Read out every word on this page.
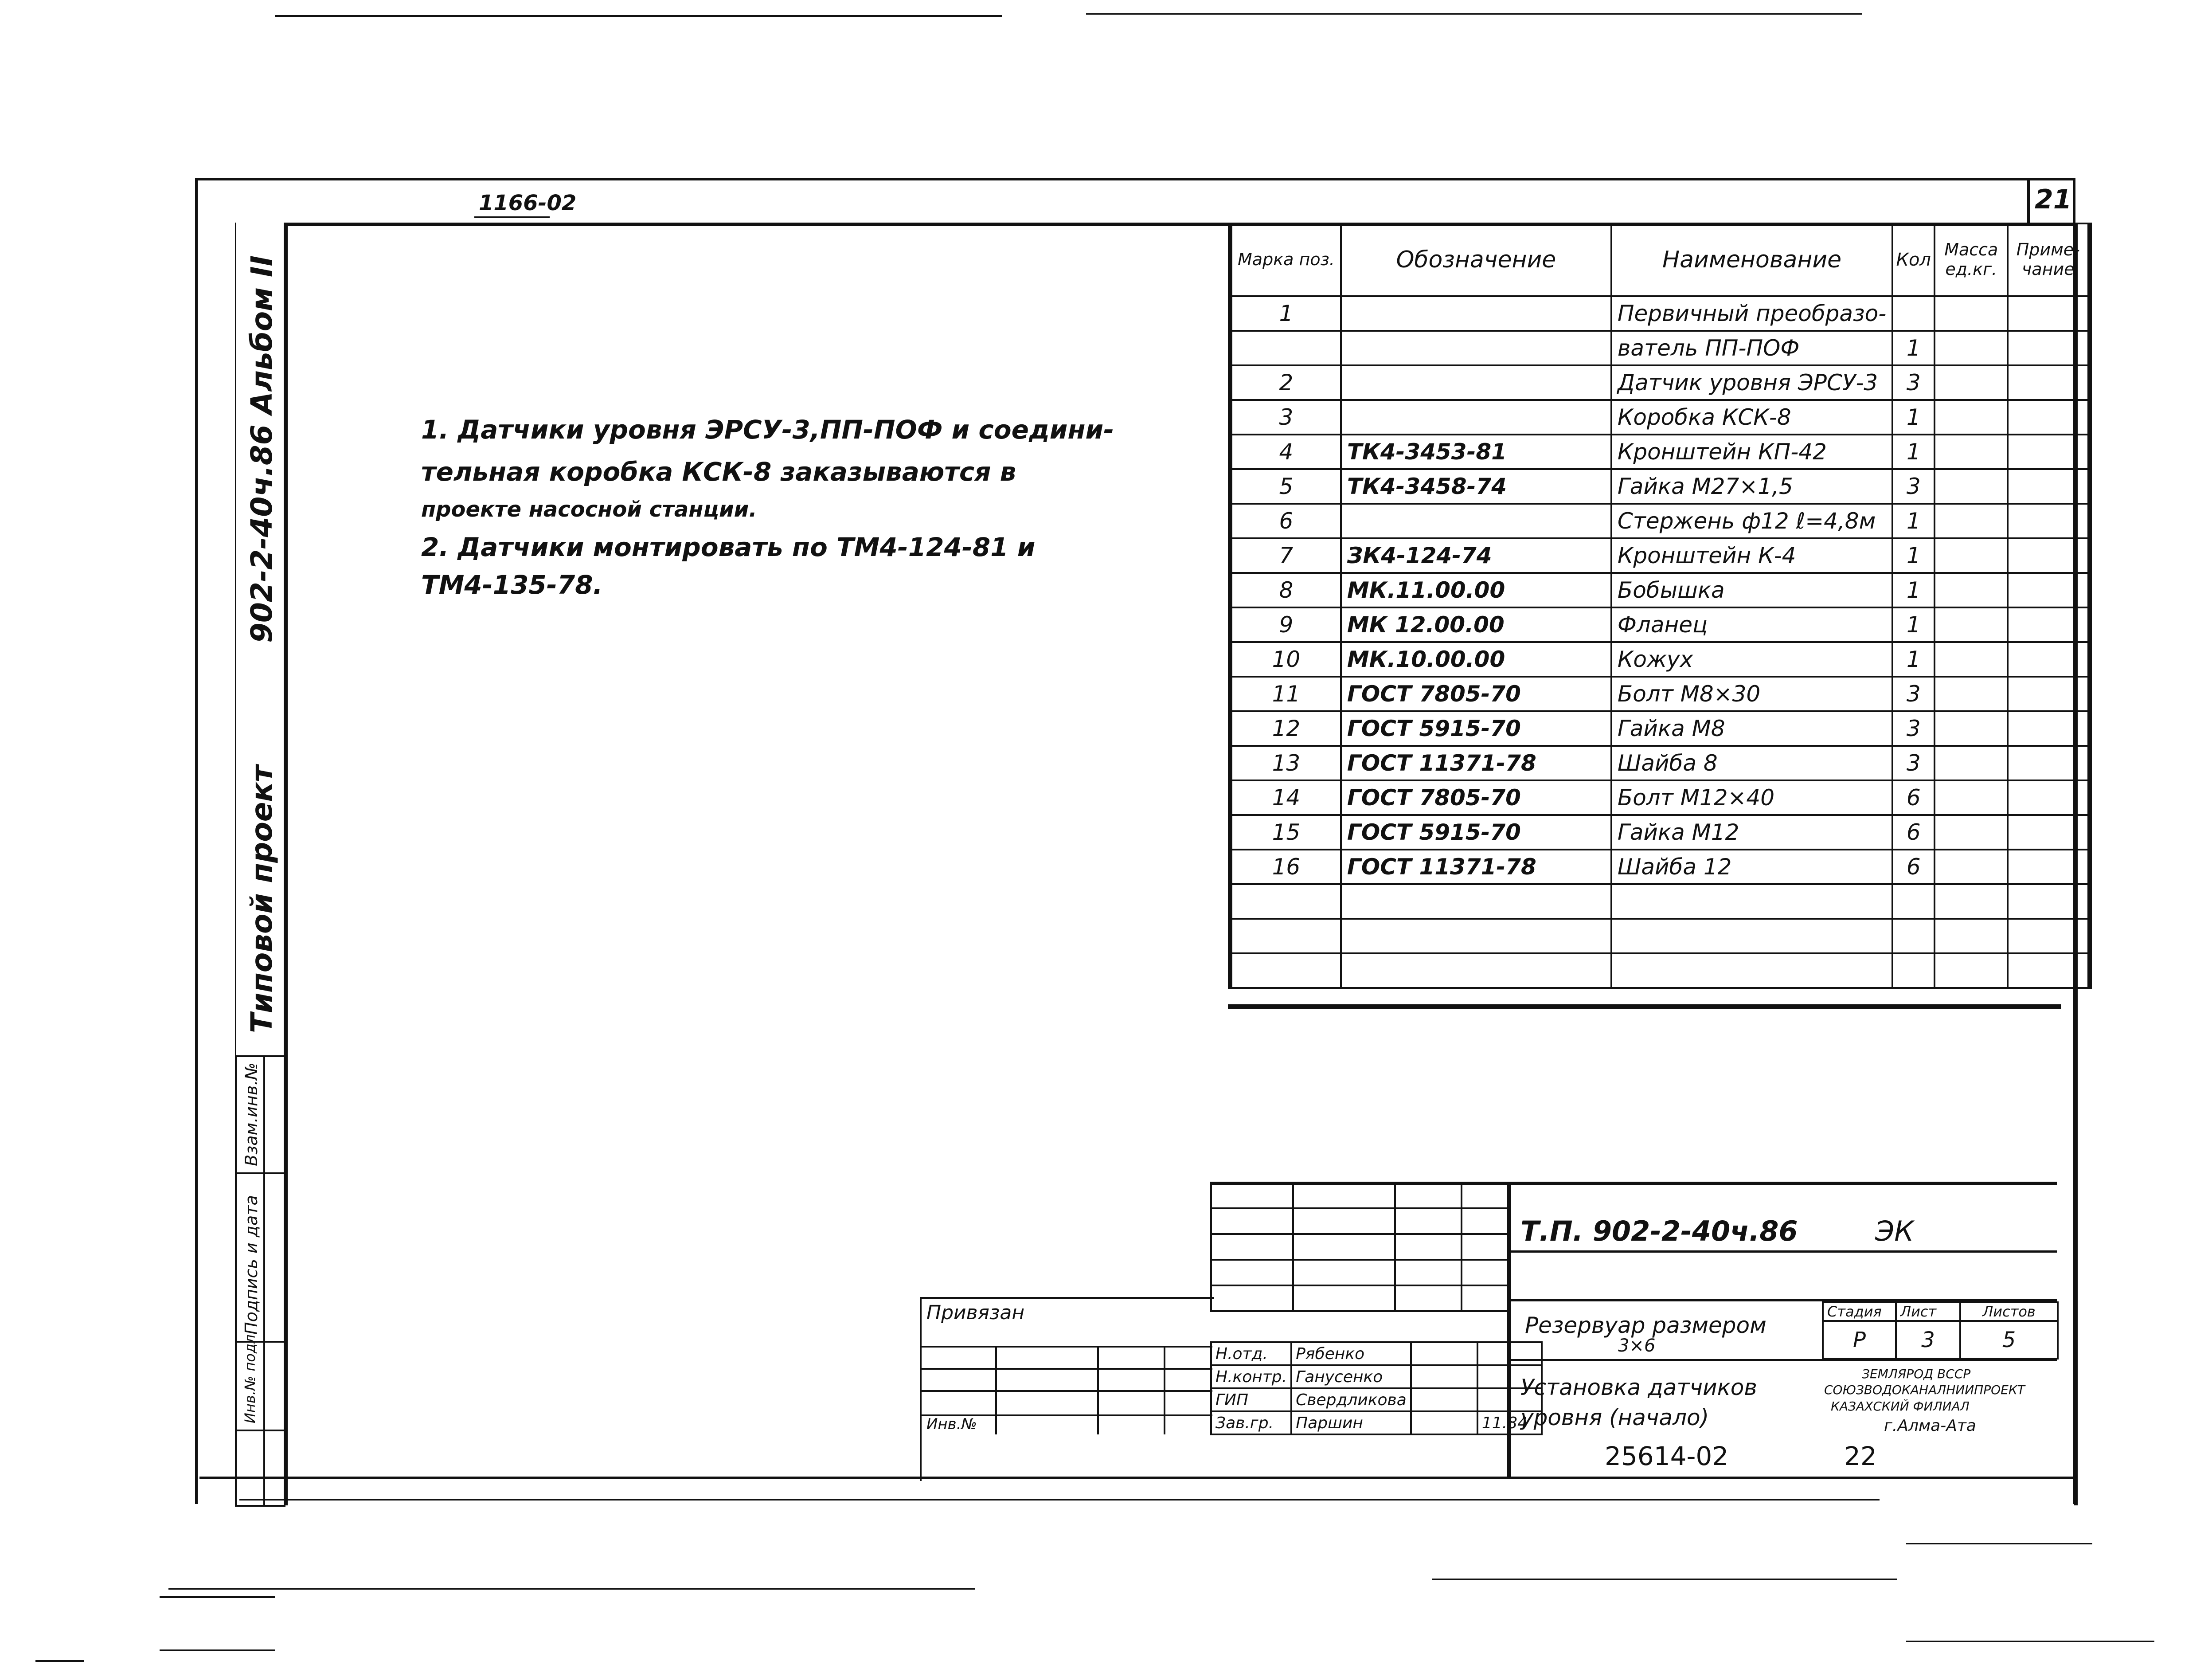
1166-02	21
902-2-40ч.86 Альбом II
Типовой проект
Взам.инв.№
Подпись и дата
Инв.№ подл.
Марка поз.	Обозначение	Наименование	Кол	Масса ед.кг.	Приме-чание
1		Первичный преобразо-			
		ватель ПП-ПОФ	1		
2		Датчик уровня ЭРСУ-3	3		
3		Коробка КСК-8	1		
4	ТК4-3453-81	Кронштейн КП-42	1		
5	ТК4-3458-74	Гайка М27×1,5	3		
6		Стержень ф12 ℓ=4,8м	1		
7	ЗК4-124-74	Кронштейн К-4	1		
8	МК.11.00.00	Бобышка	1		
9	МК 12.00.00	Фланец	1		
10	МК.10.00.00	Кожух	1		
11	ГОСТ 7805-70	Болт М8×30	3		
12	ГОСТ 5915-70	Гайка М8	3		
13	ГОСТ 11371-78	Шайба 8	3		
14	ГОСТ 7805-70	Болт М12×40	6		
15	ГОСТ 5915-70	Гайка М12	6		
16	ГОСТ 11371-78	Шайба 12	6		

1. Датчики уровня ЭРСУ-3,ПП-ПОФ и соедини-
тельная коробка КСК-8 заказываются в
проекте насосной станции.
2. Датчики монтировать по ТМ4-124-81 и
ТМ4-135-78.

Т.П. 902-2-40ч.86	ЭК
Привязан
Инв.№
Н.отд.	Рябенко		
Н.контр.	Ганусенко		
ГИП	Свердликова		
Зав.гр.	Паршин		11.84
Резервуар размером
3×6
Установка датчиков
уровня (начало)
Стадия	Лист	Листов
Р	3	5
ЗЕМЛЯРОД ВССР
СОЮЗВОДОКАНАЛНИИПРОЕКТ
КАЗАХСКИЙ ФИЛИАЛ
г.Алма-Ата
25614-02	22
